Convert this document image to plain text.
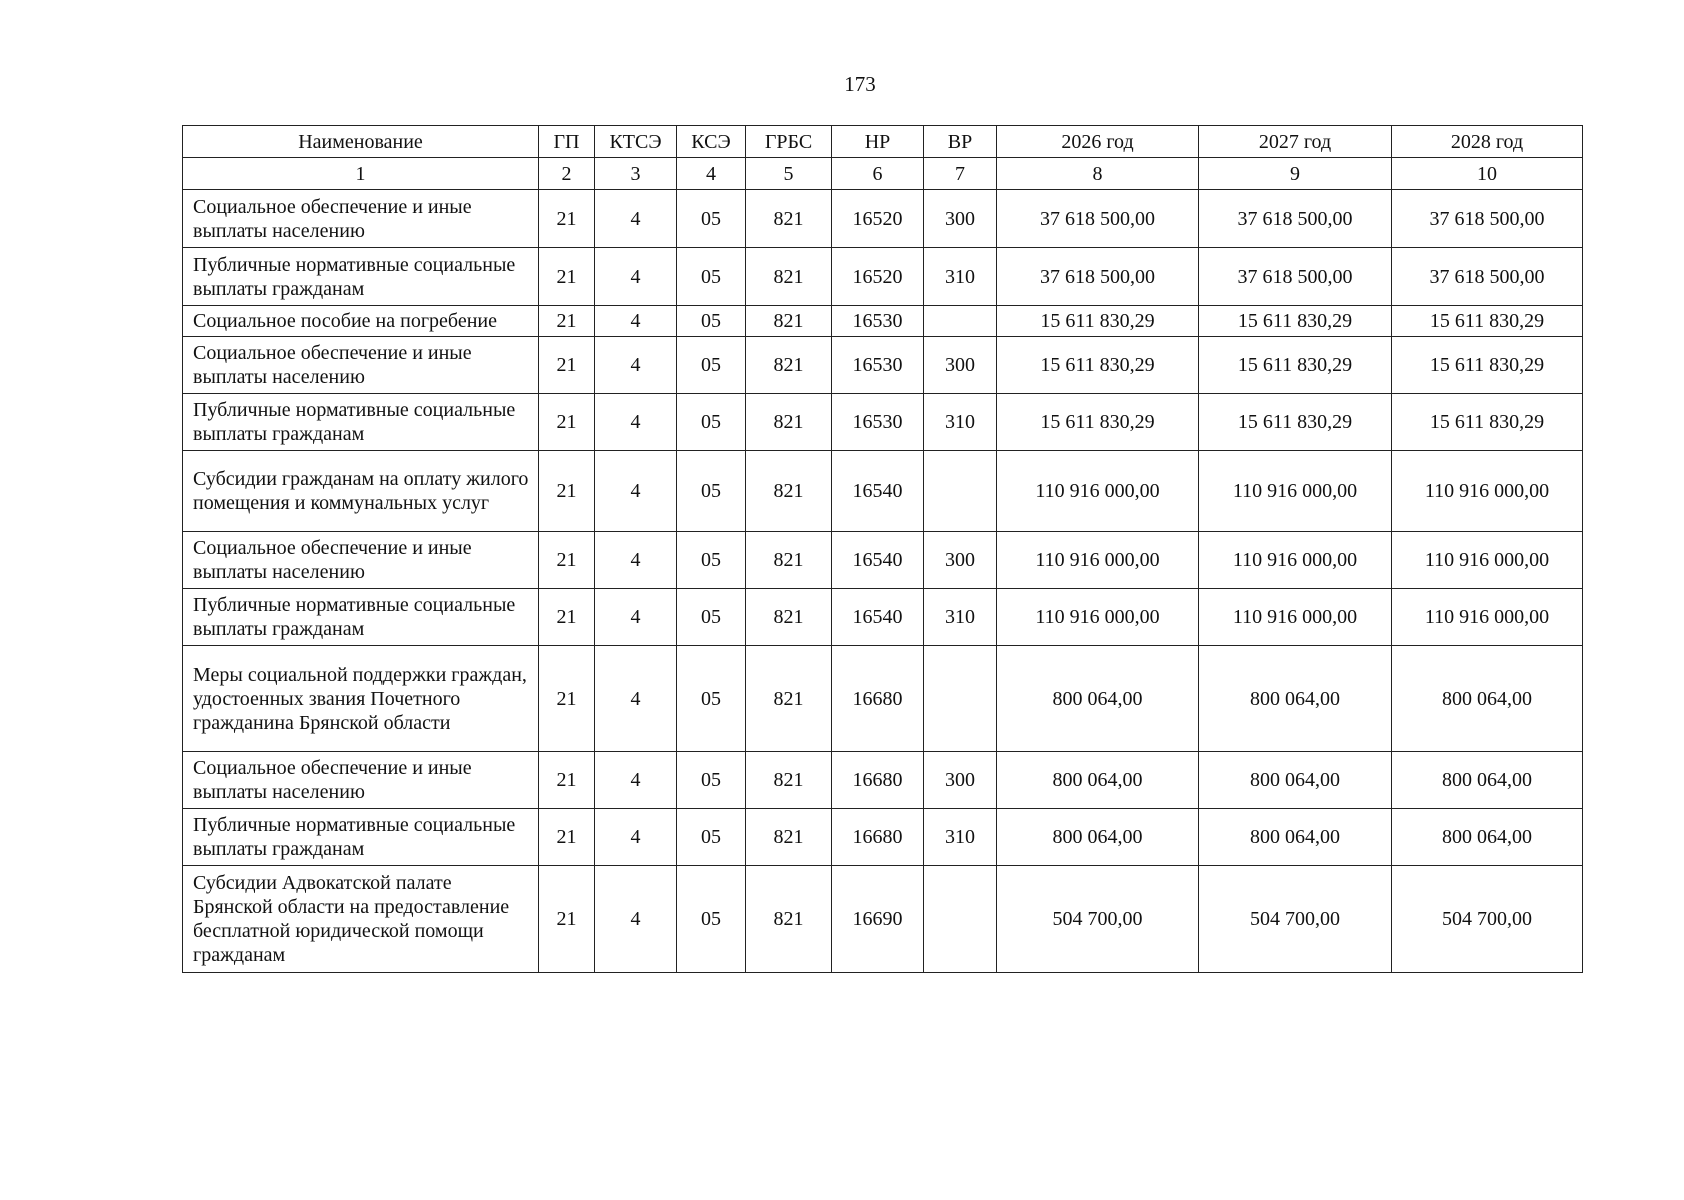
173
Наименование	ГП	КТСЭ	КСЭ	ГРБС	НР	ВР	2026 год	2027 год	2028 год
1	2	3	4	5	6	7	8	9	10
Социальное обеспечение и иные выплаты населению	21	4	05	821	16520	300	37 618 500,00	37 618 500,00	37 618 500,00
Публичные нормативные социальные выплаты гражданам	21	4	05	821	16520	310	37 618 500,00	37 618 500,00	37 618 500,00
Социальное пособие на погребение	21	4	05	821	16530		15 611 830,29	15 611 830,29	15 611 830,29
Социальное обеспечение и иные выплаты населению	21	4	05	821	16530	300	15 611 830,29	15 611 830,29	15 611 830,29
Публичные нормативные социальные выплаты гражданам	21	4	05	821	16530	310	15 611 830,29	15 611 830,29	15 611 830,29
Субсидии гражданам на оплату жилого помещения и коммунальных услуг	21	4	05	821	16540		110 916 000,00	110 916 000,00	110 916 000,00
Социальное обеспечение и иные выплаты населению	21	4	05	821	16540	300	110 916 000,00	110 916 000,00	110 916 000,00
Публичные нормативные социальные выплаты гражданам	21	4	05	821	16540	310	110 916 000,00	110 916 000,00	110 916 000,00
Меры социальной поддержки граждан, удостоенных звания Почетного гражданина Брянской области	21	4	05	821	16680		800 064,00	800 064,00	800 064,00
Социальное обеспечение и иные выплаты населению	21	4	05	821	16680	300	800 064,00	800 064,00	800 064,00
Публичные нормативные социальные выплаты гражданам	21	4	05	821	16680	310	800 064,00	800 064,00	800 064,00
Субсидии Адвокатской палате Брянской области на предоставление бесплатной юридической помощи гражданам	21	4	05	821	16690		504 700,00	504 700,00	504 700,00
